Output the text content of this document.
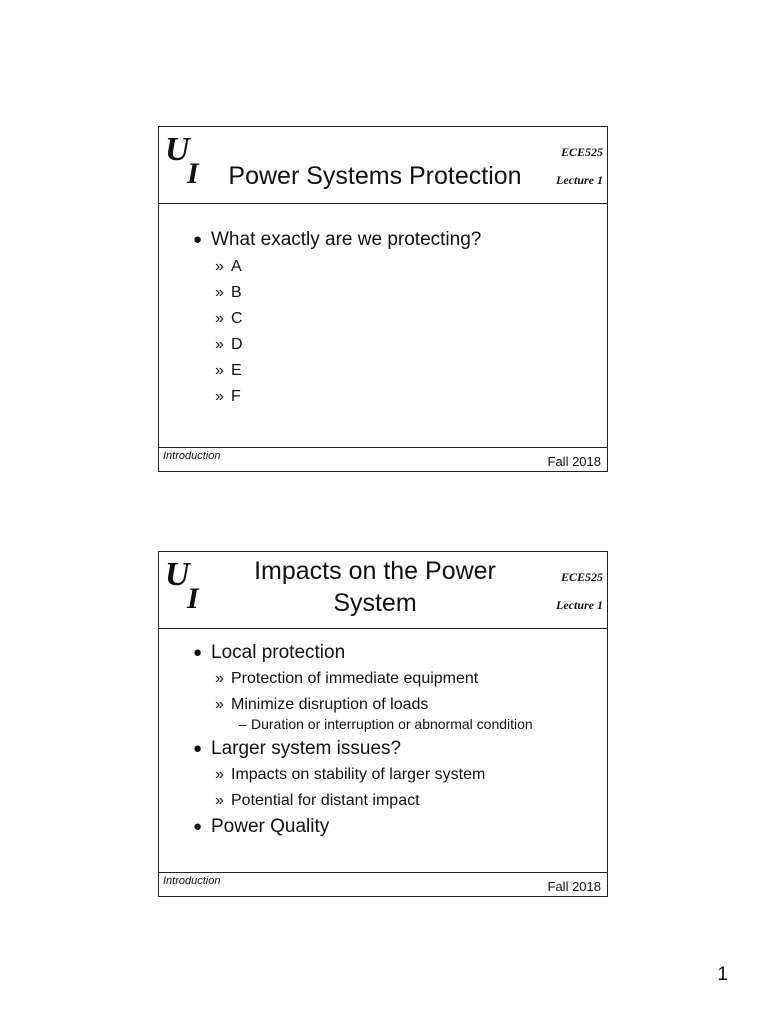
U
I	Power Systems Protection
ECE525
Lecture 1
● What exactly are we protecting?
» A
» B
» C
» D
» E
» F
Introduction	Fall 2018
U
I
Impacts on the Power
System
ECE525
Lecture 1
● Local protection
» Protection of immediate equipment
» Minimize disruption of loads
– Duration or interruption or abnormal condition
● Larger system issues?
» Impacts on stability of larger system
» Potential for distant impact
● Power Quality
Introduction	Fall 2018
1
